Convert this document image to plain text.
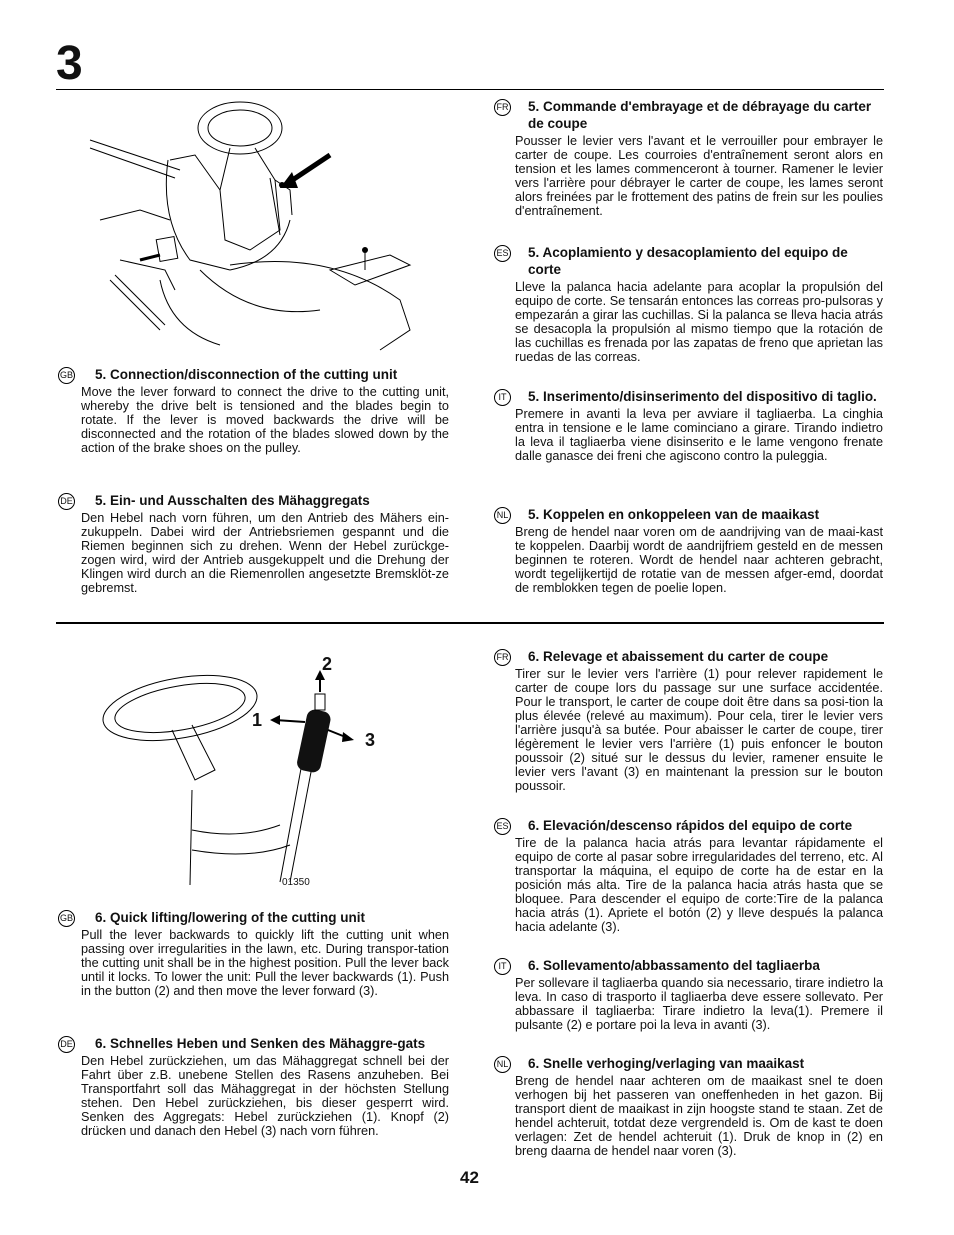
3
2
1
3
01350
GB 5. Connection/disconnection of the cutting unit
Move the lever forward to connect the drive to the cutting unit, whereby the drive belt is tensioned and the blades begin to rotate. If the lever is moved backwards the drive will be disconnected and the rotation of the blades slowed down by the action of the brake shoes on the pulley.
DE 5. Ein- und Ausschalten des Mähaggregats
Den Hebel nach vorn führen, um den Antrieb des Mähers ein-zukuppeln. Dabei wird der Antriebsriemen gespannt und die Riemen beginnen sich zu drehen. Wenn der Hebel zurückge-zogen wird, wird der Antrieb ausgekuppelt und die Drehung der Klingen wird durch an die Riemenrollen angesetzte Bremsklöt-ze gebremst.
FR 5. Commande d'embrayage et de débrayage du carter de coupe
Pousser le levier vers l'avant et le verrouiller pour embrayer le carter de coupe. Les courroies d'entraînement seront alors en tension et les lames commenceront à tourner. Ramener le levier vers l'arrière pour débrayer le carter de coupe, les lames seront alors freinées par le frottement des patins de frein sur les poulies d'entraînement.
ES 5. Acoplamiento y desacoplamiento del equipo de corte
Lleve la palanca hacia adelante para acoplar la propulsión del equipo de corte. Se tensarán entonces las correas pro-pulsoras y empezarán a girar las cuchillas. Si la palanca se lleva hacia atrás se desacopla la propulsión al mismo tiempo que la rotación de las cuchillas es frenada por las zapatas de freno que aprietan las ruedas de las correas.
IT	5. Inserimento/disinserimento del dispositivo di taglio.
Premere in avanti la leva per avviare il tagliaerba. La cinghia entra in tensione e le lame cominciano a girare. Tirando indietro la leva il tagliaerba viene disinserito e le lame vengono frenate dalle ganasce dei freni che agiscono contro la puleggia.
NL 5. Koppelen en onkoppeleen van de maaikast
Breng de hendel naar voren om de aandrijving van de maai-kast te koppelen. Daarbij wordt de aandrijfriem gesteld en de messen beginnen te roteren. Wordt de hendel naar achteren gebracht, wordt tegelijkertijd de rotatie van de messen afger-emd, doordat de remblokken tegen de poelie lopen.
GB 6. Quick lifting/lowering of the cutting unit
Pull the lever backwards to quickly lift the cutting unit when passing over irregularities in the lawn, etc. During transpor-tation the cutting unit shall be in the highest position. Pull the lever back until it locks. To lower the unit: Pull the lever backwards (1). Push in the button (2) and then move the lever forward (3).
DE 6. Schnelles Heben und Senken des Mähaggre-gats
Den Hebel zurückziehen, um das Mähaggregat schnell bei der Fahrt über z.B. unebene Stellen des Rasens anzuheben. Bei Transportfahrt soll das Mähaggregat in der höchsten Stellung stehen. Den Hebel zurückziehen, bis dieser gesperrt wird. Senken des Aggregats: Hebel zurückziehen (1). Knopf (2) drücken und danach den Hebel (3) nach vorn führen.
FR 6. Relevage et abaissement du carter de coupe
Tirer sur le levier vers l'arrière (1) pour relever rapidement le carter de coupe lors du passage sur une surface accidentée. Pour le transport, le carter de coupe doit être dans sa posi-tion la plus élevée (relevé au maximum). Pour cela, tirer le levier vers l'arrière jusqu'à sa butée. Pour abaisser le carter de coupe, tirer légèrement le levier vers l'arrière (1) puis enfoncer le bouton poussoir (2) situé sur le dessus du levier, ramener ensuite le levier vers l'avant (3) en maintenant la pression sur le bouton poussoir.
ES 6. Elevación/descenso rápidos del equipo de corte
Tire de la palanca hacia atrás para levantar rápidamente el equipo de corte al pasar sobre irregularidades del terreno, etc. Al transportar la máquina, el equipo de corte ha de estar en la posición más alta. Tire de la palanca hacia atrás hasta que se bloquee. Para descender el equipo de corte:Tire de la palanca hacia atrás (1). Apriete el botón (2) y lleve después la palanca hacia adelante (3).
IT	6. Sollevamento/abbassamento del tagliaerba
Per sollevare il tagliaerba quando sia necessario, tirare indietro la leva. In caso di trasporto il tagliaerba deve essere sollevato. Per abbassare il tagliaerba: Tirare indietro la leva(1). Premere il pulsante (2) e portare poi la leva in avanti (3).
NL 6. Snelle verhoging/verlaging van maaikast
Breng de hendel naar achteren om de maaikast snel te doen verhogen bij het passeren van oneffenheden in het gazon. Bij transport dient de maaikast in zijn hoogste stand te staan. Zet de hendel achteruit, totdat deze vergrendeld is. Om de kast te doen verlagen: Zet de hendel achteruit (1). Druk de knop in (2) en breng daarna de hendel naar voren (3).
42
